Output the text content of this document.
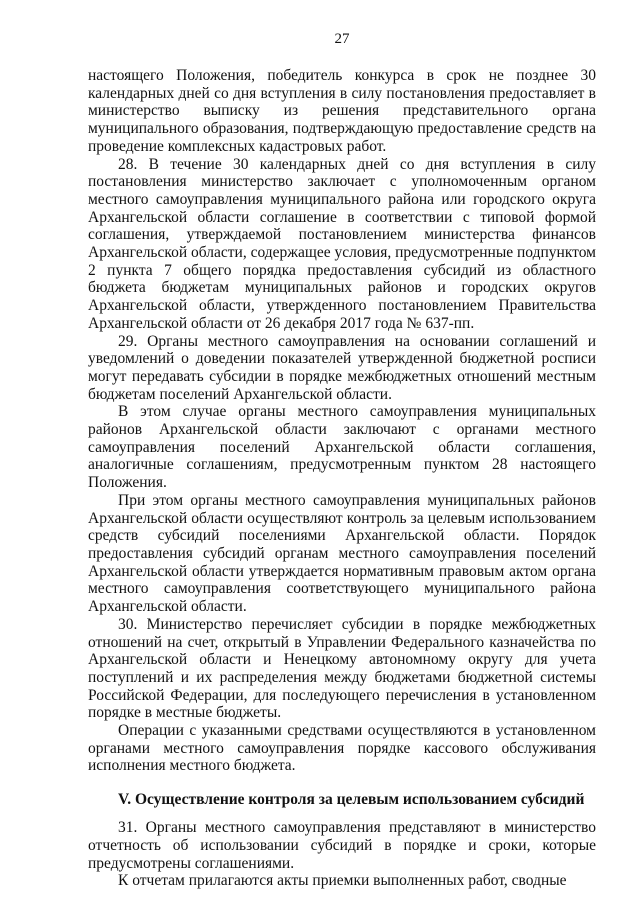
27

настоящего Положения, победитель конкурса в срок не позднее 30 календарных дней со дня вступления в силу постановления предоставляет в министерство выписку из решения представительного органа муниципального образования, подтверждающую предоставление средств на проведение комплексных кадастровых работ.

28. В течение 30 календарных дней со дня вступления в силу постановления министерство заключает с уполномоченным органом местного самоуправления муниципального района или городского округа Архангельской области соглашение в соответствии с типовой формой соглашения, утверждаемой постановлением министерства финансов Архангельской области, содержащее условия, предусмотренные подпунктом 2 пункта 7 общего порядка предоставления субсидий из областного бюджета бюджетам муниципальных районов и городских округов Архангельской области, утвержденного постановлением Правительства Архангельской области от 26 декабря 2017 года № 637-пп.

29. Органы местного самоуправления на основании соглашений и уведомлений о доведении показателей утвержденной бюджетной росписи могут передавать субсидии в порядке межбюджетных отношений местным бюджетам поселений Архангельской области.

В этом случае органы местного самоуправления муниципальных районов Архангельской области заключают с органами местного самоуправления поселений Архангельской области соглашения, аналогичные соглашениям, предусмотренным пунктом 28 настоящего Положения.

При этом органы местного самоуправления муниципальных районов Архангельской области осуществляют контроль за целевым использованием средств субсидий поселениями Архангельской области. Порядок предоставления субсидий органам местного самоуправления поселений Архангельской области утверждается нормативным правовым актом органа местного самоуправления соответствующего муниципального района Архангельской области.

30. Министерство перечисляет субсидии в порядке межбюджетных отношений на счет, открытый в Управлении Федерального казначейства по Архангельской области и Ненецкому автономному округу для учета поступлений и их распределения между бюджетами бюджетной системы Российской Федерации, для последующего перечисления в установленном порядке в местные бюджеты.

Операции с указанными средствами осуществляются в установленном органами местного самоуправления порядке кассового обслуживания исполнения местного бюджета.

V. Осуществление контроля за целевым использованием субсидий

31. Органы местного самоуправления представляют в министерство отчетность об использовании субсидий в порядке и сроки, которые предусмотрены соглашениями.

К отчетам прилагаются акты приемки выполненных работ, сводные
